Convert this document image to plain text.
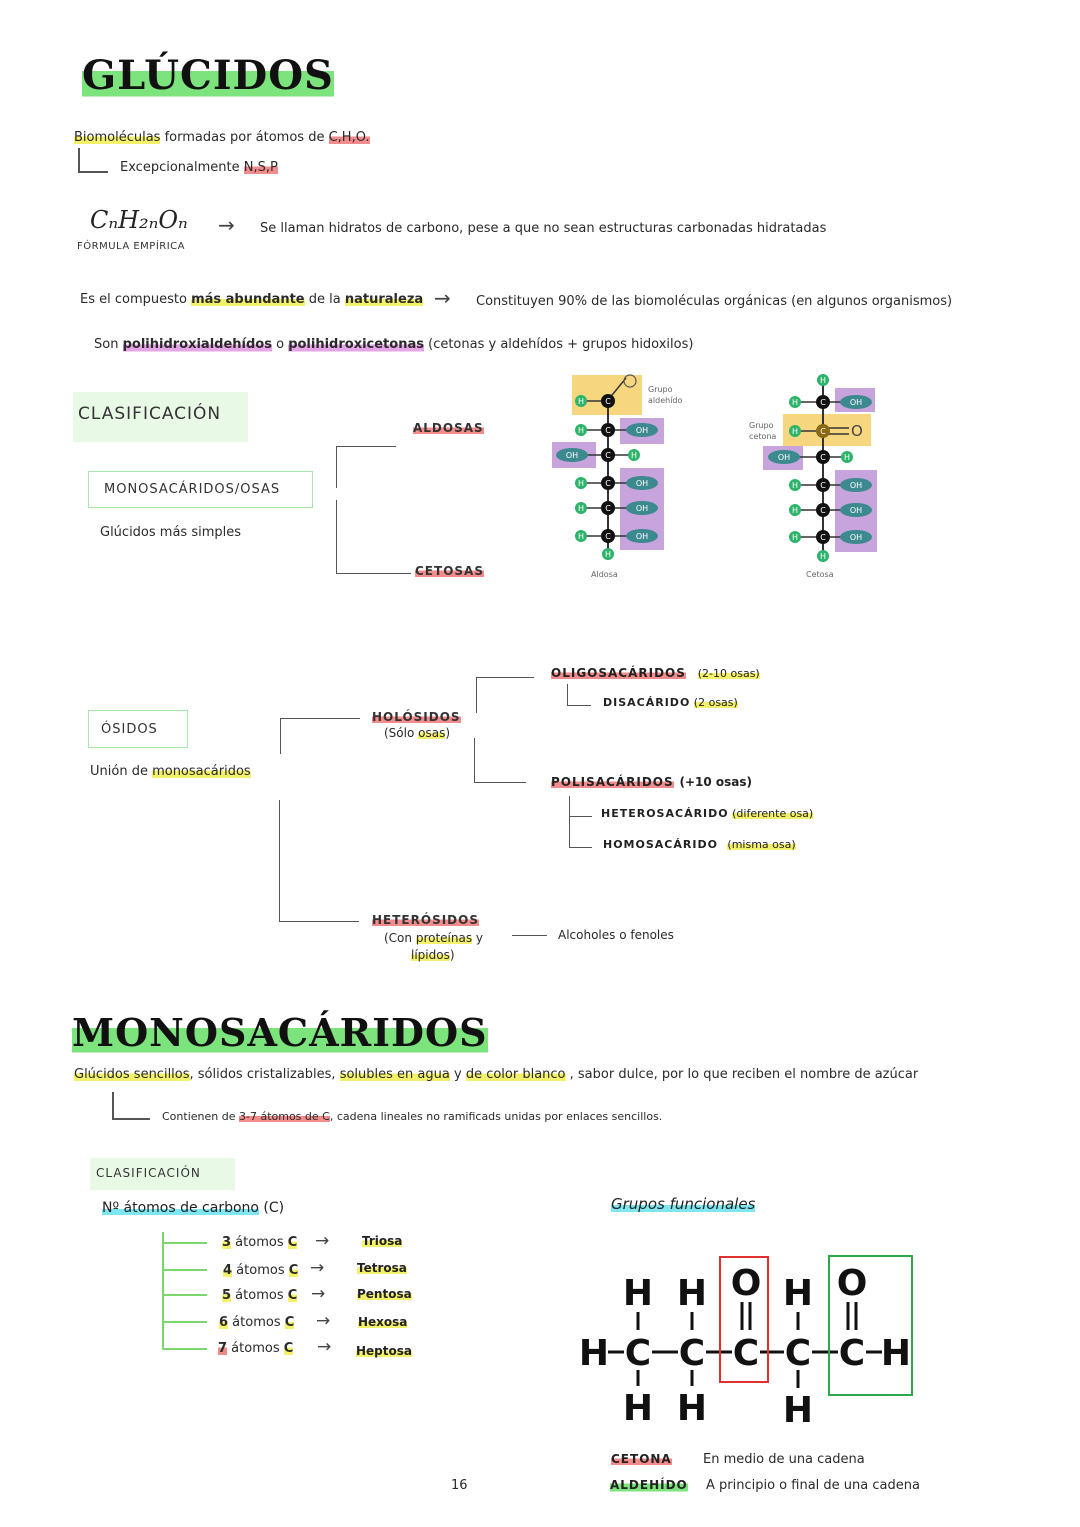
GLÚCIDOS
Biomoléculas formadas por átomos de C,H,O.
Excepcionalmente N,S,P
CₙH₂ₙOₙ
FÓRMULA EMPÍRICA
→ Se llaman hidratos de carbono, pese a que no sean estructuras carbonadas hidratadas
Es el compuesto más abundante de la naturaleza → Constituyen 90% de las biomoléculas orgánicas (en algunos organismos)
Son polihidroxialdehídos o polihidroxicetonas (cetonas y aldehídos + grupos hidoxilos)
CLASIFICACIÓN
MONOSACÁRIDOS/OSAS
Glúcidos más simples
ALDOSAS
CETOSAS
H	C
H	C	OH
OH	C	H
H	C	OH
H	C	OH
H	C	OH
H
Grupo
aldehído
Aldosa
H
H	C	OH
H	C O
OH	C H
H	C	OH
H	C	OH
H	C	OH
H
Grupo
cetona
Cetosa
ÓSIDOS
Unión de monosacáridos
HOLÓSIDOS
(Sólo osas)
OLIGOSACÁRIDOS (2-10 osas)
DISACÁRIDO (2 osas)
POLISACÁRIDOS (+10 osas)
HETEROSACÁRIDO (diferente osa)
HOMOSACÁRIDO (misma osa)
HETERÓSIDOS
(Con proteínas y
lípidos)
Alcoholes o fenoles
MONOSACÁRIDOS
Glúcidos sencillos, sólidos cristalizables, solubles en agua y de color blanco , sabor dulce, por lo que reciben el nombre de azúcar
Contienen de 3-7 átomos de C, cadena lineales no ramificads unidas por enlaces sencillos.
CLASIFICACIÓN
Nº átomos de carbono (C)
3 átomos C →	Triosa
4 átomos C →	Tetrosa
5 átomos C →	Pentosa
6 átomos C → Hexosa
7 átomos C → Heptosa
Grupos funcionales
H H O H O
H C C C C C H
H H H
CETONA En medio de una cadena
ALDEHÍDO A principio o final de una cadena
16
